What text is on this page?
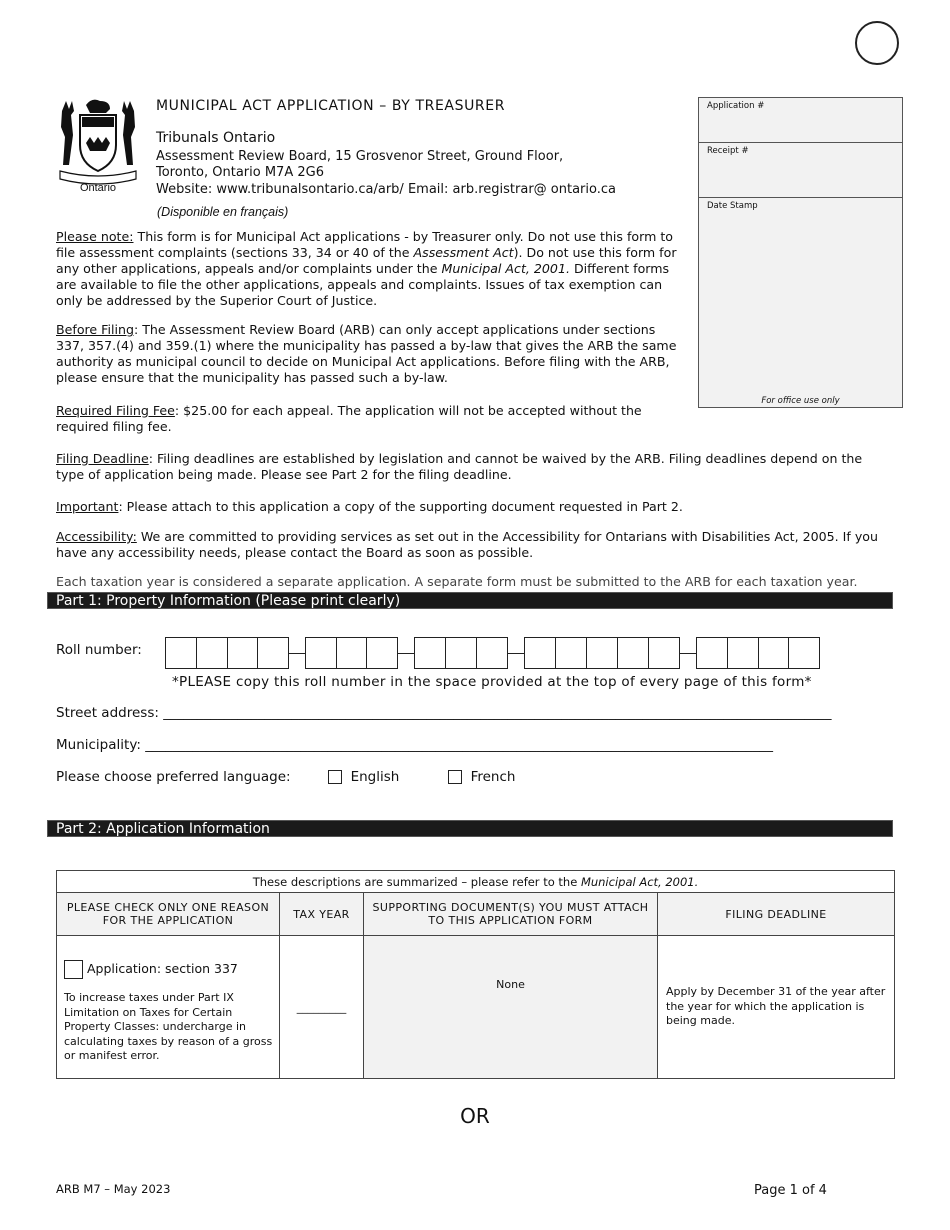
Ontario
MUNICIPAL ACT APPLICATION – BY TREASURER
Tribunals Ontario
Assessment Review Board, 15 Grosvenor Street, Ground Floor,
Toronto, Ontario M7A 2G6
Website: www.tribunalsontario.ca/arb/ Email: arb.registrar@ ontario.ca
(Disponible en français)
Application #
Receipt #
Date Stamp
For office use only
Please note: This form is for Municipal Act applications - by Treasurer only. Do not use this form to file assessment complaints (sections 33, 34 or 40 of the Assessment Act). Do not use this form for any other applications, appeals and/or complaints under the Municipal Act, 2001. Different forms are available to file the other applications, appeals and complaints. Issues of tax exemption can only be addressed by the Superior Court of Justice.
Before Filing: The Assessment Review Board (ARB) can only accept applications under sections 337, 357.(4) and 359.(1) where the municipality has passed a by-law that gives the ARB the same authority as municipal council to decide on Municipal Act applications. Before filing with the ARB, please ensure that the municipality has passed such a by-law.
Required Filing Fee: $25.00 for each appeal. The application will not be accepted without the required filing fee.
Filing Deadline: Filing deadlines are established by legislation and cannot be waived by the ARB. Filing deadlines depend on the type of application being made. Please see Part 2 for the filing deadline.
Important: Please attach to this application a copy of the supporting document requested in Part 2.
Accessibility: We are committed to providing services as set out in the Accessibility for Ontarians with Disabilities Act, 2005. If you have any accessibility needs, please contact the Board as soon as possible.
Each taxation year is considered a separate application. A separate form must be submitted to the ARB for each taxation year.
Part 1: Property Information (Please print clearly)
Roll number:
*PLEASE copy this roll number in the space provided at the top of every page of this form*
Street address: ___________________________________________________________________________________________________
Municipality: _____________________________________________________________________________________________
Please choose preferred language:	English	French
Part 2: Application Information
These descriptions are summarized – please refer to the Municipal Act, 2001.			
PLEASE CHECK ONLY ONE REASON FOR THE APPLICATION	TAX YEAR	SUPPORTING DOCUMENT(S) YOU MUST ATTACH TO THIS APPLICATION FORM	FILING DEADLINE

Application: section 337
To increase taxes under Part IX Limitation on Taxes for Certain Property Classes: undercharge in calculating taxes by reason of a gross or manifest error.	_________	None	Apply by December 31 of the year after the year for which the application is being made.
OR
ARB M7 – May 2023	Page 1 of 4
